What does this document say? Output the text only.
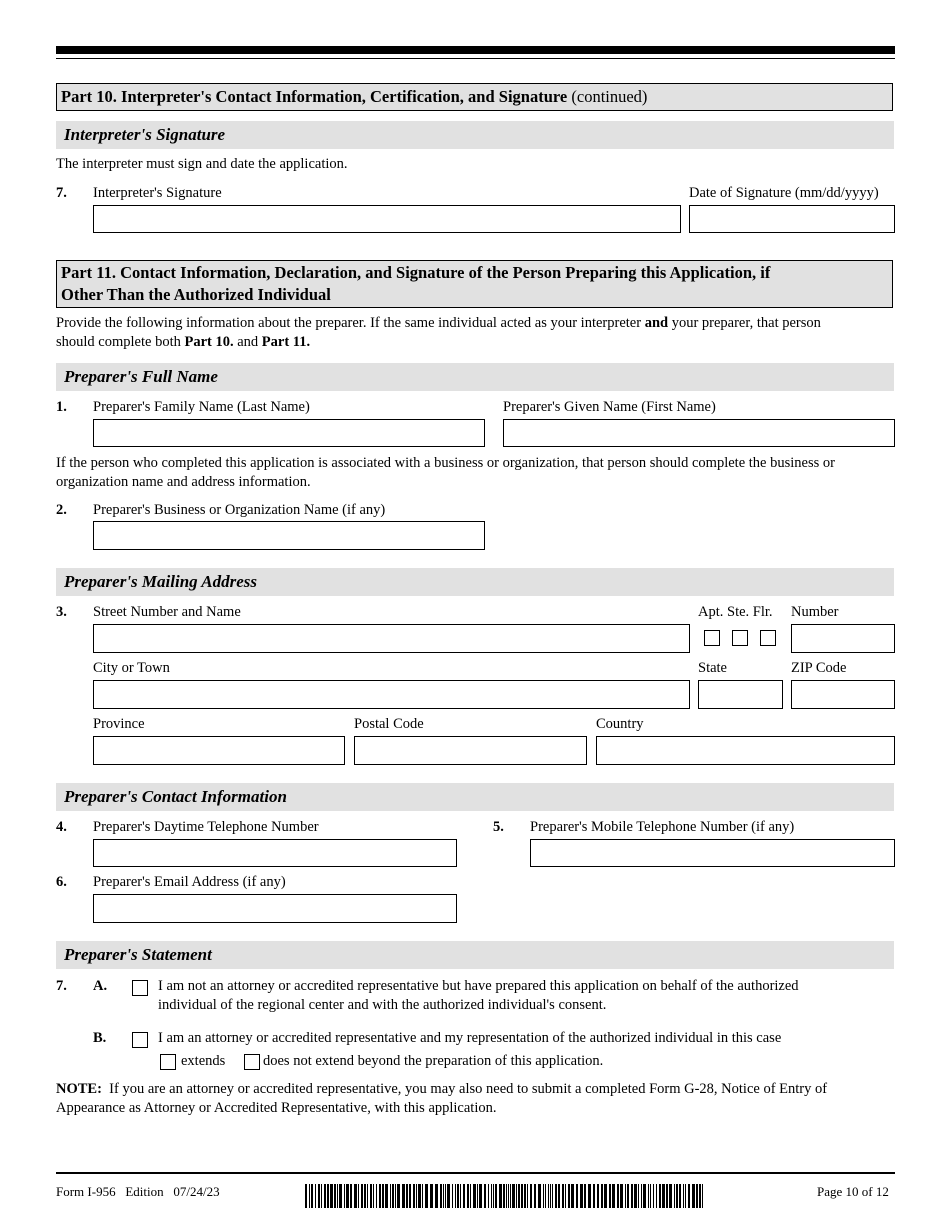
Part 10. Interpreter's Contact Information, Certification, and Signature (continued)
Interpreter's Signature
The interpreter must sign and date the application.
7. Interpreter's Signature	Date of Signature (mm/dd/yyyy)
Part 11. Contact Information, Declaration, and Signature of the Person Preparing this Application, if
Other Than the Authorized Individual
Provide the following information about the preparer. If the same individual acted as your interpreter and your preparer, that person
should complete both Part 10. and Part 11.
Preparer's Full Name
1. Preparer's Family Name (Last Name)	Preparer's Given Name (First Name)
If the person who completed this application is associated with a business or organization, that person should complete the business or
organization name and address information.
2. Preparer's Business or Organization Name (if any)
Preparer's Mailing Address
3. Street Number and Name	Apt. Ste. Flr. Number
City or Town	State	ZIP Code
Province	Postal Code	Country
Preparer's Contact Information
4. Preparer's Daytime Telephone Number	5. Preparer's Mobile Telephone Number (if any)
6. Preparer's Email Address (if any)
Preparer's Statement
7. A.	I am not an attorney or accredited representative but have prepared this application on behalf of the authorized
individual of the regional center and with the authorized individual's consent.
B.	I am an attorney or accredited representative and my representation of the authorized individual in this case
extends	does not extend beyond the preparation of this application.
NOTE:  If you are an attorney or accredited representative, you may also need to submit a completed Form G-28, Notice of Entry of
Appearance as Attorney or Accredited Representative, with this application.
Form I-956   Edition   07/24/23	Page 10 of 12
